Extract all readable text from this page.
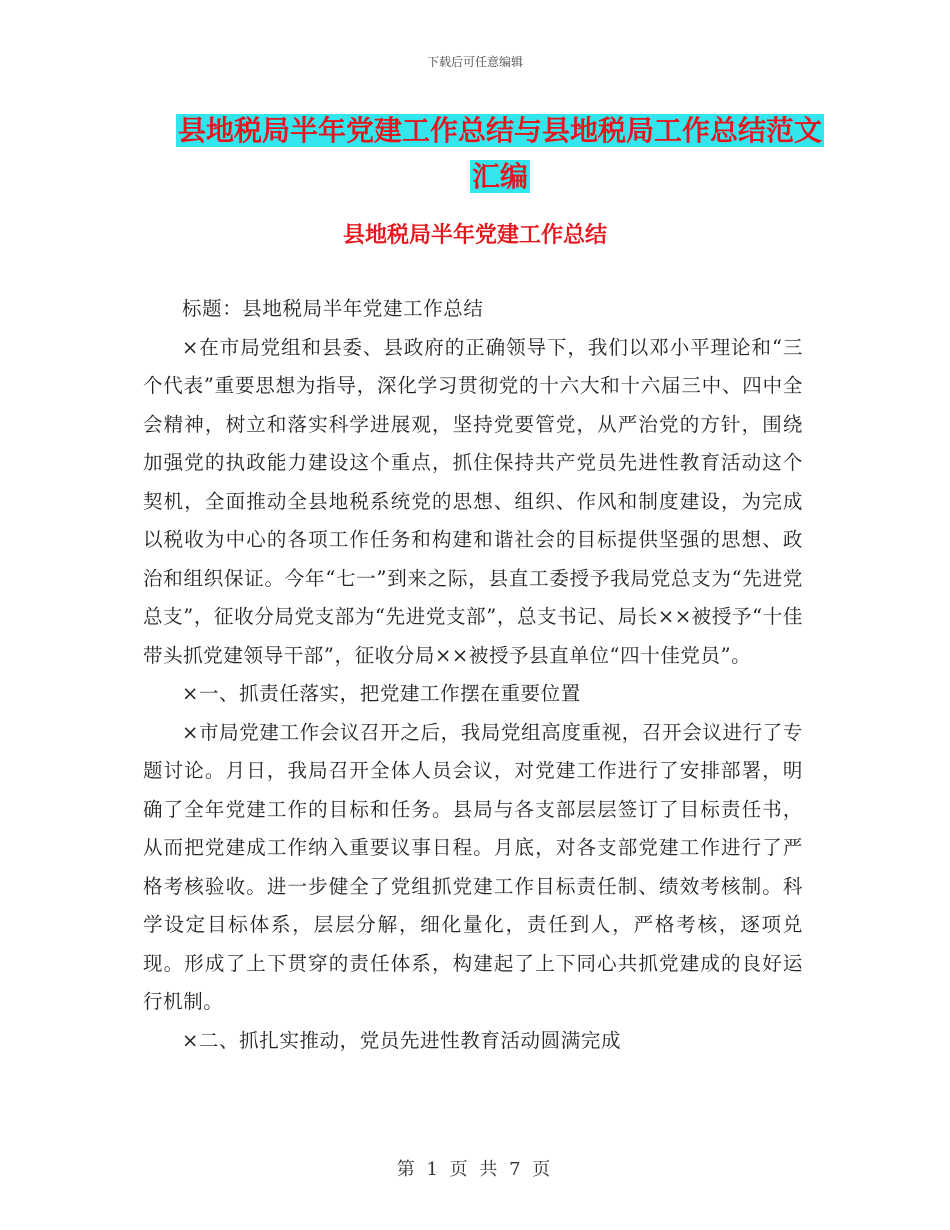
下载后可任意编辑
县地税局半年党建工作总结与县地税局工作总结范文
汇编
县地税局半年党建工作总结

标题：县地税局半年党建工作总结

×在市局党组和县委、县政府的正确领导下，我们以邓小平理论和“三个代表”重要思想为指导，深化学习贯彻党的十六大和十六届三中、四中全会精神，树立和落实科学进展观，坚持党要管党，从严治党的方针，围绕加强党的执政能力建设这个重点，抓住保持共产党员先进性教育活动这个契机，全面推动全县地税系统党的思想、组织、作风和制度建设，为完成以税收为中心的各项工作任务和构建和谐社会的目标提供坚强的思想、政治和组织保证。今年“七一”到来之际，县直工委授予我局党总支为“先进党总支”，征收分局党支部为“先进党支部”，总支书记、局长××被授予“十佳带头抓党建领导干部”，征收分局××被授予县直单位“四十佳党员”。

×一、抓责任落实，把党建工作摆在重要位置

×市局党建工作会议召开之后，我局党组高度重视，召开会议进行了专题讨论。月日，我局召开全体人员会议，对党建工作进行了安排部署，明确了全年党建工作的目标和任务。县局与各支部层层签订了目标责任书，从而把党建成工作纳入重要议事日程。月底，对各支部党建工作进行了严格考核验收。进一步健全了党组抓党建工作目标责任制、绩效考核制。科学设定目标体系，层层分解，细化量化，责任到人，严格考核，逐项兑现。形成了上下贯穿的责任体系，构建起了上下同心共抓党建成的良好运行机制。

×二、抓扎实推动，党员先进性教育活动圆满完成

第 1 页 共 7 页
